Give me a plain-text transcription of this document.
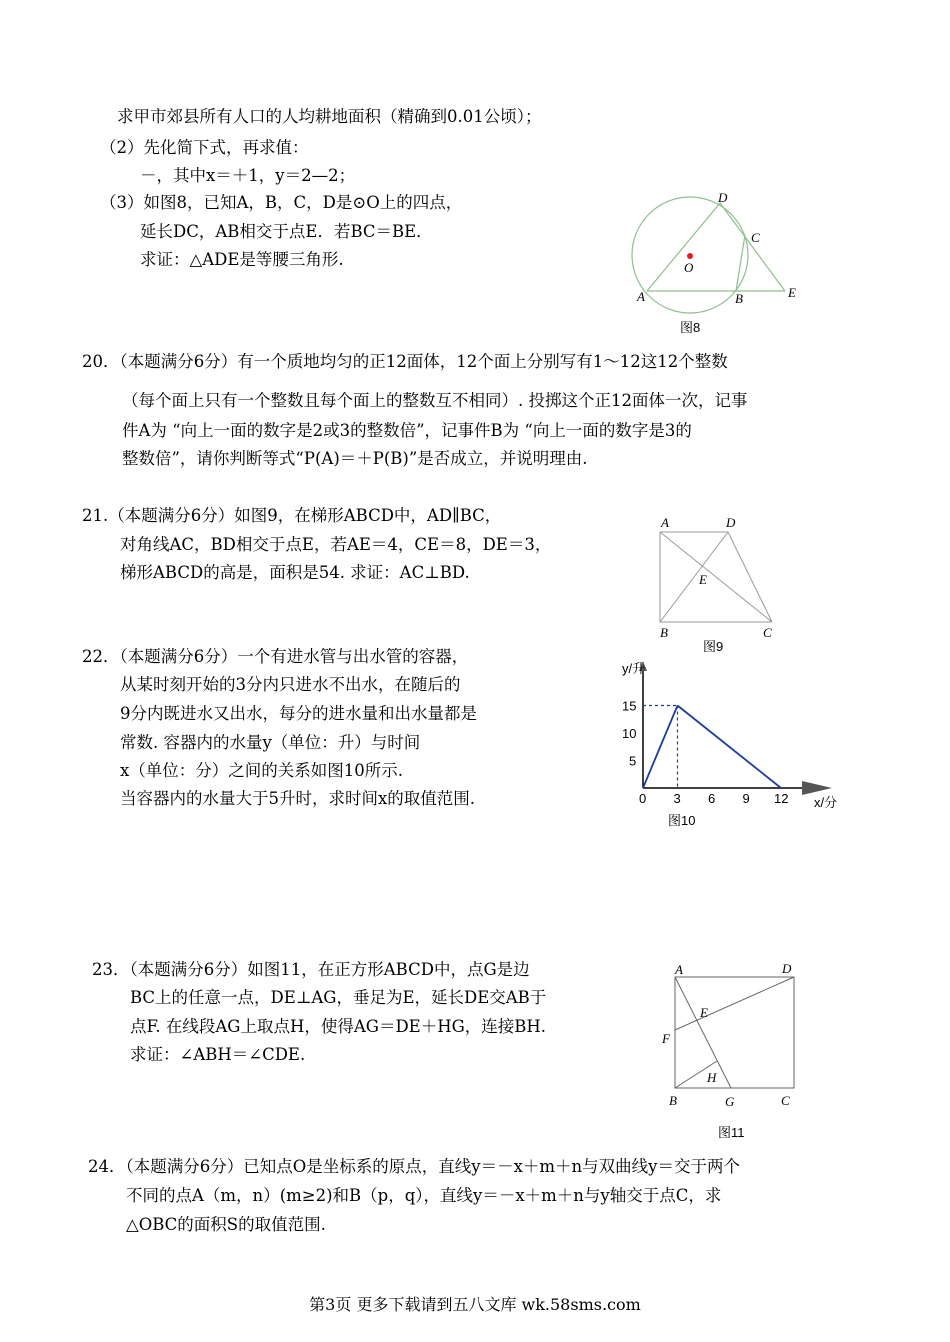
求甲市郊县所有人口的人均耕地面积（精确到0.01公顷）；
（2）先化简下式，再求值：
－，其中x＝＋1，y＝2—2；
（3）如图8，已知A，B，C，D是⊙O上的四点，
延长DC，AB相交于点E．若BC＝BE．
求证：△ADE是等腰三角形.
A	B
C
D
E
O
图8
20．（本题满分6分）有一个质地均匀的正12面体，12个面上分别写有1～12这12个整数
（每个面上只有一个整数且每个面上的整数互不相同）. 投掷这个正12面体一次，记事
件A为 “向上一面的数字是2或3的整数倍”，记事件B为 “向上一面的数字是3的
整数倍”，请你判断等式“P(A)＝＋P(B)”是否成立，并说明理由.
21.（本题满分6分）如图9，在梯形ABCD中，AD∥BC，
对角线AC，BD相交于点E，若AE＝4，CE＝8，DE＝3，
梯形ABCD的高是，面积是54. 求证：AC⊥BD.
A	D
E
B	C
图9
22．（本题满分6分）一个有进水管与出水管的容器，
从某时刻开始的3分内只进水不出水，在随后的
9分内既进水又出水，每分的进水量和出水量都是
常数. 容器内的水量y（单位：升）与时间
x（单位：分）之间的关系如图10所示.
当容器内的水量大于5升时，求时间x的取值范围.
y/升
x/分
图10
0 3 6 9 12
5
10
15
23．（本题满分6分）如图11，在正方形ABCD中，点G是边
BC上的任意一点，DE⊥AG，垂足为E，延长DE交AB于
点F. 在线段AG上取点H，使得AG＝DE＋HG，连接BH.
求证：∠ABH＝∠CDE.
A	D
E
F
H
B	G	C
图11
24．（本题满分6分）已知点O是坐标系的原点，直线y＝－x＋m＋n与双曲线y＝交于两个
不同的点A（m，n）(m≥2)和B（p，q），直线y＝－x＋m＋n与y轴交于点C，求
△OBC的面积S的取值范围.
第3页 更多下载请到五八文库 wk.58sms.com
